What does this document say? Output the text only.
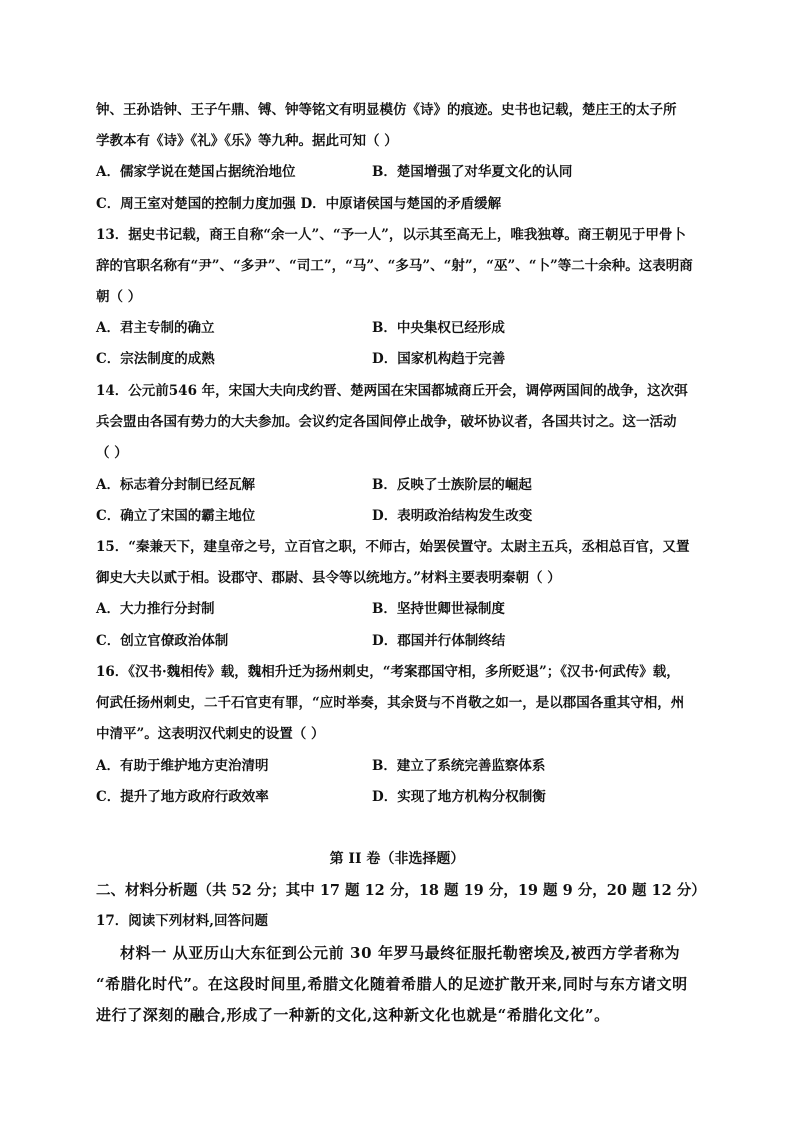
钟、王孙诰钟、王子午鼎、镈、钟等铭文有明显模仿《诗》的痕迹。史书也记载，楚庄王的太子所
学教本有《诗》《礼》《乐》等九种。据此可知（ ）
A．儒家学说在楚国占据统治地位	B．楚国增强了对华夏文化的认同
C．周王室对楚国的控制力度加强 D．中原诸侯国与楚国的矛盾缓解
13．据史书记载，商王自称“余一人”、“予一人”，以示其至高无上，唯我独尊。商王朝见于甲骨卜
辞的官职名称有“尹”、“多尹”、“司工”，“马”、“多马”、“射”，“巫”、“卜”等二十余种。这表明商
朝（ ）
A．君主专制的确立	B．中央集权已经形成
C．宗法制度的成熟	D．国家机构趋于完善
14．公元前546 年，宋国大夫向戌约晋、楚两国在宋国都城商丘开会，调停两国间的战争，这次弭
兵会盟由各国有势力的大夫参加。会议约定各国间停止战争，破坏协议者，各国共讨之。这一活动
（ ）
A．标志着分封制已经瓦解	B．反映了士族阶层的崛起
C．确立了宋国的霸主地位	D．表明政治结构发生改变
15．“秦兼天下，建皇帝之号，立百官之职，不师古，始罢侯置守。太尉主五兵，丞相总百官，又置
御史大夫以贰于相。设郡守、郡尉、县令等以统地方。”材料主要表明秦朝（ ）
A．大力推行分封制	B．坚持世卿世禄制度
C．创立官僚政治体制	D．郡国并行体制终结
16．《汉书·魏相传》载，魏相升迁为扬州刺史，“考案郡国守相，多所贬退”；《汉书·何武传》载，
何武任扬州刺史，二千石官吏有罪，“应时举奏，其余贤与不肖敬之如一，是以郡国各重其守相，州
中清平”。这表明汉代刺史的设置（ ）
A．有助于维护地方吏治清明	B．建立了系统完善监察体系
C．提升了地方政府行政效率	D．实现了地方机构分权制衡
第 II 卷（非选择题）
二、材料分析题（共 52 分；其中 17 题 12 分，18 题 19 分，19 题 9 分，20 题 12 分）
17．阅读下列材料,回答问题
材料一 从亚历山大东征到公元前 30 年罗马最终征服托勒密埃及,被西方学者称为
“希腊化时代”。在这段时间里,希腊文化随着希腊人的足迹扩散开来,同时与东方诸文明
进行了深刻的融合,形成了一种新的文化,这种新文化也就是“希腊化文化”。
